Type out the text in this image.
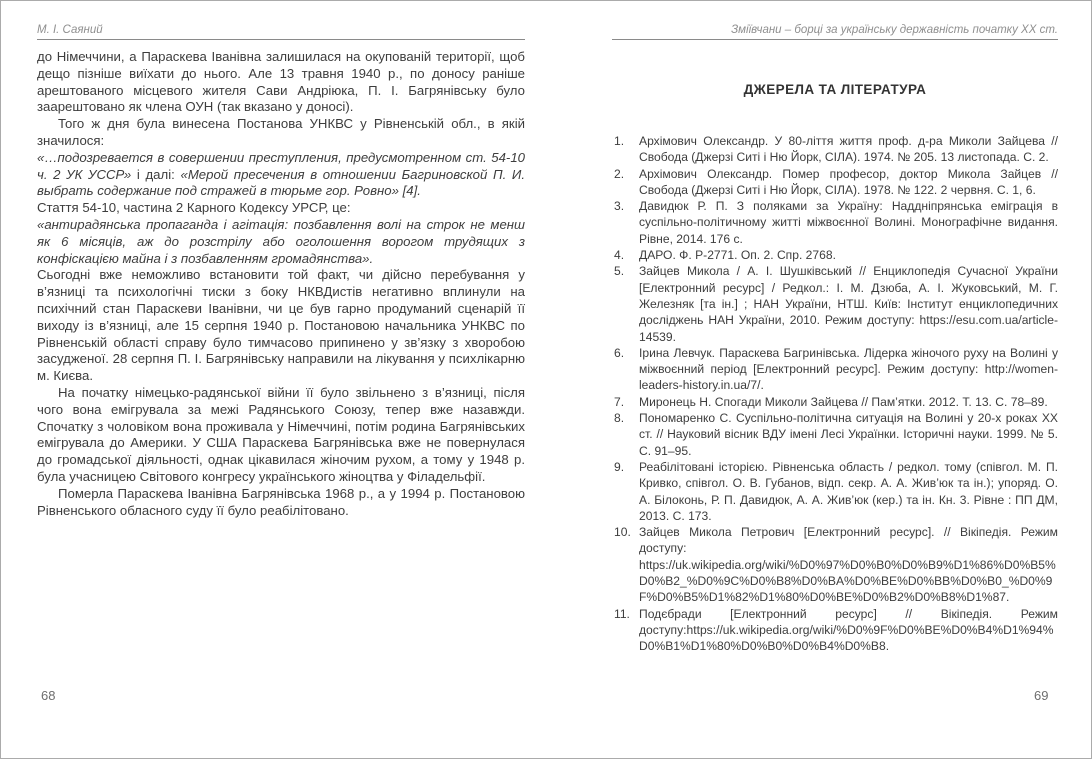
М. І. Саяний

до Німеччини, а Параскева Іванівна залишилася на окупованій території, щоб дещо пізніше виїхати до нього. Але 13 травня 1940 р., по доносу раніше арештованого місцевого жителя Сави Андріюка, П. І. Багрянівську було заарештовано як члена ОУН (так вказано у доносі).

Того ж дня була винесена Постанова УНКВС у Рівненській обл., в якій значилося:

«…подозревается в совершении преступления, предусмотренном ст. 54-10 ч. 2 УК УССР» і далі: «Мерой пресечения в отношении Багриновской П. И. выбрать содержание под стражей в тюрьме гор. Ровно» [4].

Стаття 54-10, частина 2 Карного Кодексу УРСР, це:

«антирадянська пропаганда і агітація: позбавлення волі на строк не менш як 6 місяців, аж до розстрілу або оголошення ворогом трудящих з конфіскацією майна і з позбавленням громадянства».

Сьогодні вже неможливо встановити той факт, чи дійсно перебування у в’язниці та психологічні тиски з боку НКВДистів негативно вплинули на психічний стан Параскеви Іванівни, чи це був гарно продуманий сценарій її виходу із в’язниці, але 15 серпня 1940 р. Постановою начальника УНКВС по Рівненській області справу було тимчасово припинено у зв’язку з хворобою засудженої. 28 серпня П. І. Багрянівську направили на лікування у психлікарню м. Києва.

На початку німецько-радянської війни її було звільнено з в’язниці, після чого вона емігрувала за межі Радянського Союзу, тепер вже назавжди. Спочатку з чоловіком вона проживала у Німеччині, потім родина Багрянівських емігрувала до Америки. У США Параскева Багрянівська вже не повернулася до громадської діяльності, однак цікавилася жіночим рухом, а тому у 1948 р. була учасницею Світового конгресу українського жіноцтва у Філадельфії.

Померла Параскева Іванівна Багрянівська 1968 р., а у 1994 р. Постановою Рівненського обласного суду її було реабілітовано.

Зміївчани – борці за українську державність початку ХХ ст.
ДЖЕРЕЛА ТА ЛІТЕРАТУРА
1.	Архімович Олександр. У 80-ліття життя проф. д-ра Миколи Зайцева // Свобода (Джерзі Ситі і Ню Йорк, СІЛА). 1974. № 205. 13 листопада. С. 2.
2.	Архімович Олександр. Помер професор, доктор Микола Зайцев // Свобода (Джерзі Ситі і Ню Йорк, СІЛА). 1978. № 122. 2 червня. С. 1, 6.
3.	Давидюк Р. П. З поляками за Україну: Наддніпрянська еміграція в суспільно-політичному житті міжвоєнної Волині. Монографічне видання. Рівне, 2014. 176 с.
4.	ДАРО. Ф. Р-2771. Оп. 2. Спр. 2768.
5.	Зайцев Микола / А. І. Шушківський // Енциклопедія Сучасної України [Електронний ресурс] / Редкол.: І. М. Дзюба, А. І. Жуковський, М. Г. Железняк [та ін.] ; НАН України, НТШ. Київ: Інститут енциклопедичних досліджень НАН України, 2010. Режим доступу: https://esu.com.ua/article-14539.
6.	Ірина Левчук. Параскева Багринівська. Лідерка жіночого руху на Волині у міжвоєнний період [Електронний ресурс]. Режим доступу: http://women-leaders-history.in.ua/7/.
7.	Миронець Н. Спогади Миколи Зайцева // Пам’ятки. 2012. Т. 13. С. 78–89.
8.	Пономаренко С. Суспільно-політична ситуація на Волині у 20-х роках ХХ ст. // Науковий вісник ВДУ імені Лесі Українки. Історичні науки. 1999. № 5. С. 91–95.
9.	Реабілітовані історією. Рівненська область / редкол. тому (співгол. М. П. Кривко, співгол. О. В. Губанов, відп. секр. А. А. Жив’юк та ін.); упоряд. О. А. Білоконь, Р. П. Давидюк, А. А. Жив’юк (кер.) та ін. Кн. 3. Рівне : ПП ДМ, 2013. С. 173.
10. Зайцев Микола Петрович [Електронний ресурс]. // Вікіпедія. Режим доступу: https://uk.wikipedia.org/wiki/%D0%97%D0%B0%D0%B9%D1%86%D0%B5%D0%B2_%D0%9C%D0%B8%D0%BA%D0%BE%D0%BB%D0%B0_%D0%9F%D0%B5%D1%82%D1%80%D0%BE%D0%B2%D0%B8%D1%87.
11. Подєбради [Електронний ресурс] // Вікіпедія. Режим доступу:https://uk.wikipedia.org/wiki/%D0%9F%D0%BE%D0%B4%D1%94%D0%B1%D1%80%D0%B0%D0%B4%D0%B8.
68	69
